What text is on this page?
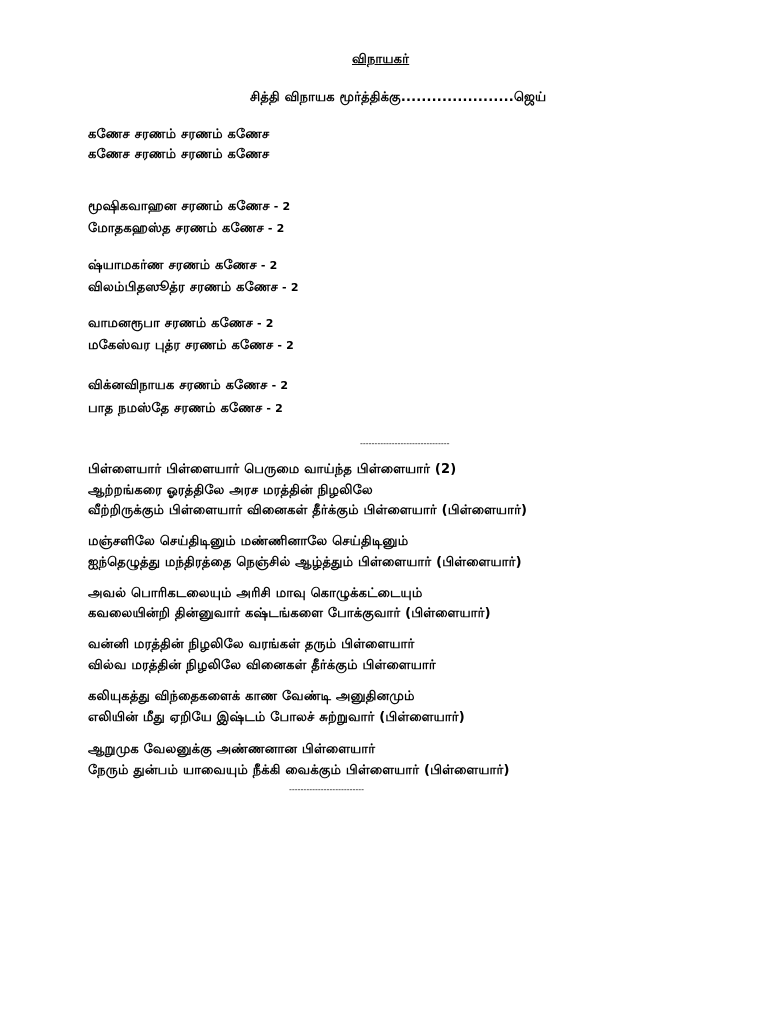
விநாயகர்
சித்தி விநாயக மூர்த்திக்கு......................ஜெய்
கணேச சரணம் சரணம் கணேச
கணேச சரணம் சரணம் கணேச
மூஷிகவாஹன சரணம் கணேச - 2
மோதகஹஸ்த சரணம் கணேச - 2
ஷ்யாமகர்ண சரணம் கணேச - 2
விலம்பிதஸூத்ர சரணம் கணேச - 2
வாமனரூபா சரணம் கணேச - 2
மகேஸ்வர புத்ர சரணம் கணேச - 2
விக்னவிநாயக சரணம் கணேச - 2
பாத நமஸ்தே சரணம் கணேச - 2
-------------------------------
பிள்ளையார் பிள்ளையார் பெருமை வாய்ந்த பிள்ளையார் (2)
ஆற்றங்கரை ஓரத்திலே அரச மரத்தின் நிழலிலே
வீற்றிருக்கும் பிள்ளையார் வினைகள் தீர்க்கும் பிள்ளையார் (பிள்ளையார்)
மஞ்சளிலே செய்திடினும் மண்ணினாலே செய்திடினும்
ஐந்தெழுத்து மந்திரத்தை நெஞ்சில் ஆழ்த்தும் பிள்ளையார் (பிள்ளையார்)
அவல் பொரிகடலையும் அரிசி மாவு கொழுக்கட்டையும்
கவலையின்றி தின்னுவார் கஷ்டங்களை போக்குவார் (பிள்ளையார்)
வன்னி மரத்தின் நிழலிலே வரங்கள் தரும் பிள்ளையார்
வில்வ மரத்தின் நிழலிலே வினைகள் தீர்க்கும் பிள்ளையார்
கலியுகத்து விந்தைகளைக் காண வேண்டி அனுதினமும்
எலியின் மீது ஏறியே இஷ்டம் போலச் சுற்றுவார் (பிள்ளையார்)
ஆறுமுக வேலனுக்கு அண்ணனான பிள்ளையார்
நேரும் துன்பம் யாவையும் நீக்கி வைக்கும் பிள்ளையார் (பிள்ளையார்)
--------------------------
